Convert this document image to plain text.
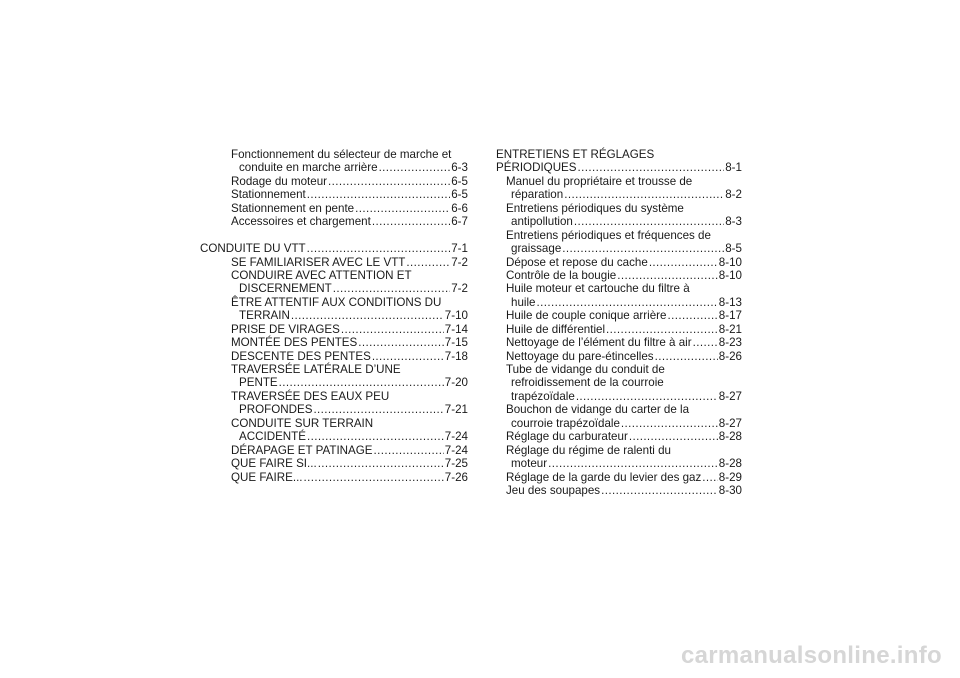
Fonctionnement du sélecteur de marche et
conduite en marche arrière .....	6-3
Rodage du moteur .....	6-5
Stationnement .....	6-5
Stationnement en pente .....	6-6
Accessoires et chargement .....	6-7
CONDUITE DU VTT .....	7-1
SE FAMILIARISER AVEC LE VTT .....	7-2
CONDUIRE AVEC ATTENTION ET
DISCERNEMENT .....	7-2
ÊTRE ATTENTIF AUX CONDITIONS DU
TERRAIN .....	7-10
PRISE DE VIRAGES .....	7-14
MONTÉE DES PENTES .....	7-15
DESCENTE DES PENTES .....	7-18
TRAVERSÉE LATÉRALE D’UNE
PENTE .....	7-20
TRAVERSÉE DES EAUX PEU
PROFONDES .....	7-21
CONDUITE SUR TERRAIN
ACCIDENTÉ .....	7-24
DÉRAPAGE ET PATINAGE .....	7-24
QUE FAIRE SI... .....	7-25
QUE FAIRE... .....	7-26
ENTRETIENS ET RÉGLAGES
PÉRIODIQUES .....	8-1
Manuel du propriétaire et trousse de
réparation .....	8-2
Entretiens périodiques du système
antipollution .....	8-3
Entretiens périodiques et fréquences de
graissage .....	8-5
Dépose et repose du cache .....	8-10
Contrôle de la bougie .....	8-10
Huile moteur et cartouche du filtre à
huile .....	8-13
Huile de couple conique arrière .....	8-17
Huile de différentiel .....	8-21
Nettoyage de l’élément du filtre à air ..... 8-23
Nettoyage du pare-étincelles .....	8-26
Tube de vidange du conduit de
refroidissement de la courroie
trapézoïdale .....	8-27
Bouchon de vidange du carter de la
courroie trapézoïdale .....	8-27
Réglage du carburateur .....	8-28
Réglage du régime de ralenti du
moteur .....	8-28
Réglage de la garde du levier des gaz ..... 8-29
Jeu des soupapes .....	8-30
carmanualsonline.info
